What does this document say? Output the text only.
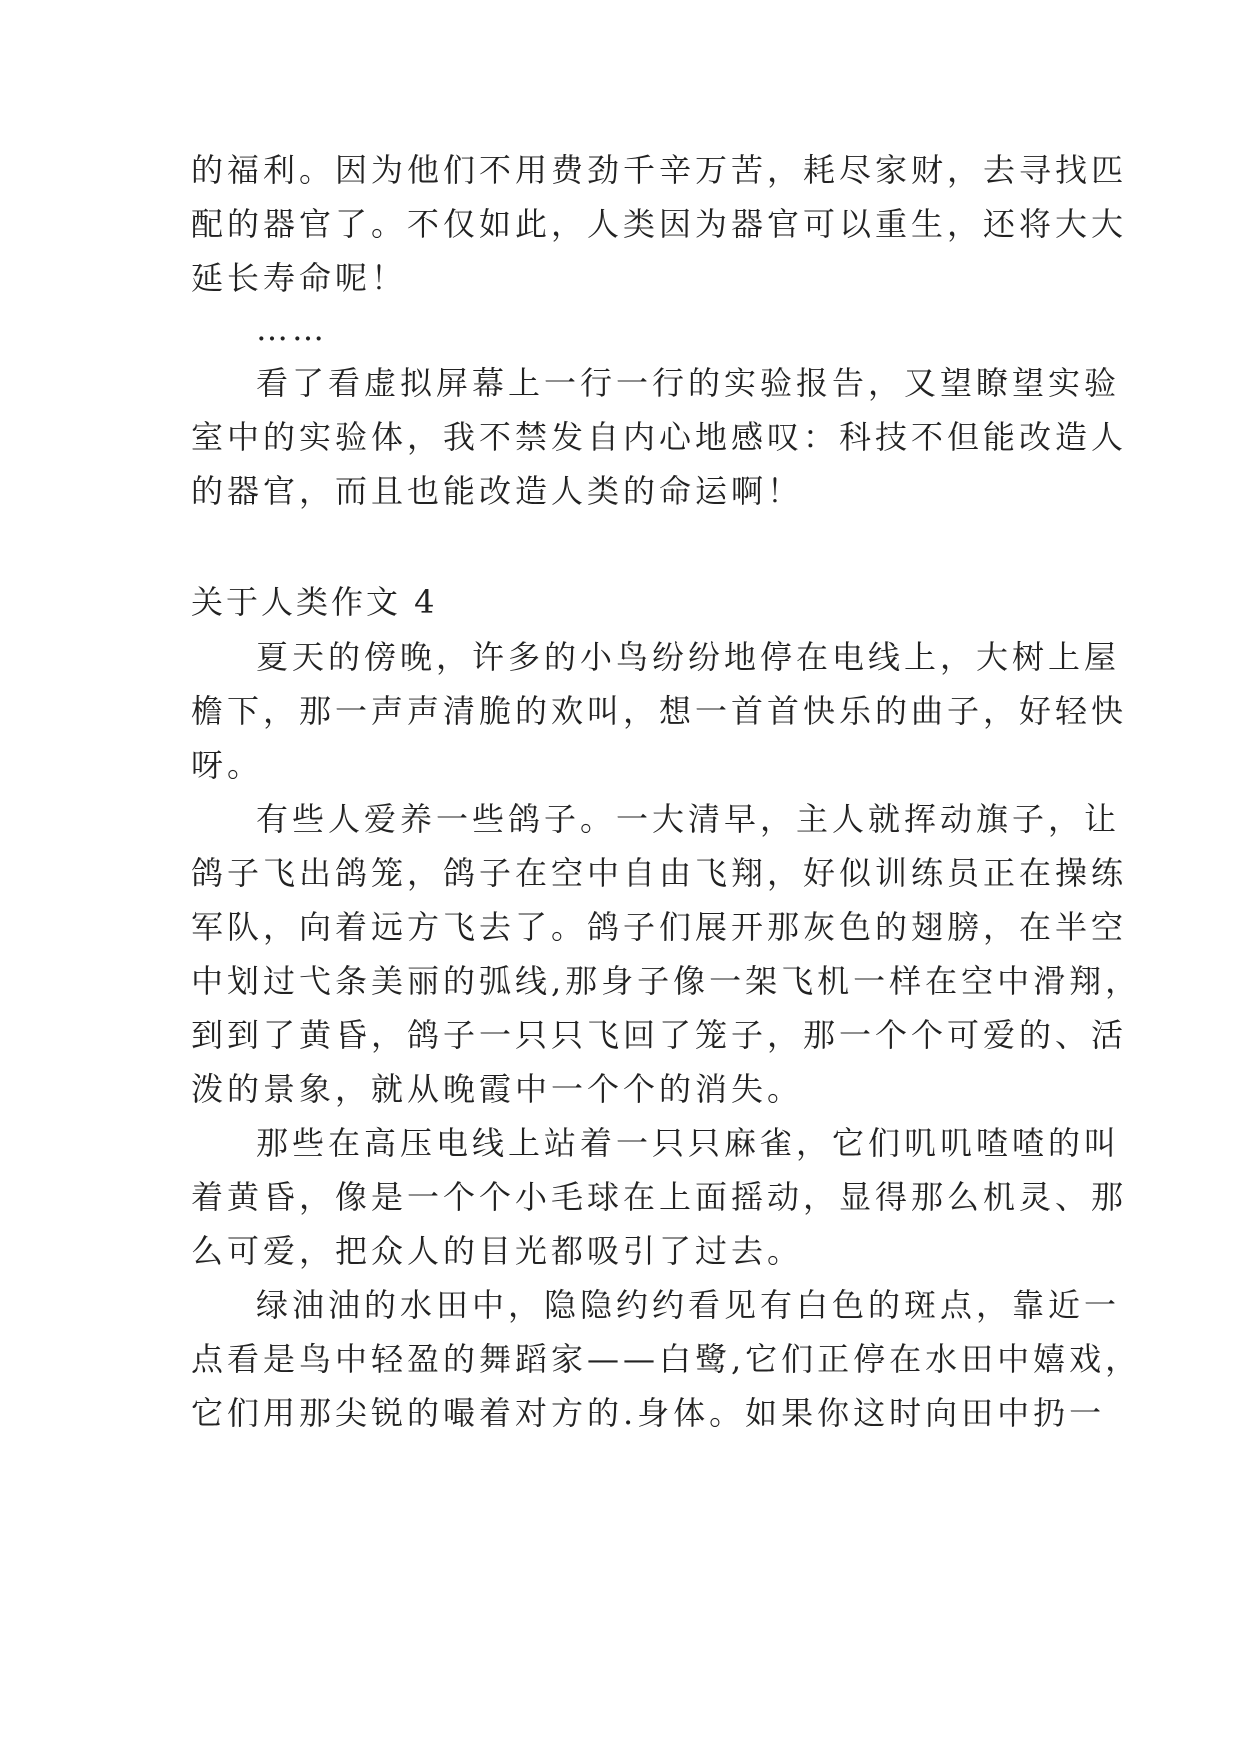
的福利。因为他们不用费劲千辛万苦，耗尽家财，去寻找匹
配的器官了。不仅如此，人类因为器官可以重生，还将大大
延长寿命呢！
……
看了看虚拟屏幕上一行一行的实验报告，又望瞭望实验
室中的实验体，我不禁发自内心地感叹：科技不但能改造人
的器官，而且也能改造人类的命运啊！
关于人类作文 4
夏天的傍晚，许多的小鸟纷纷地停在电线上，大树上屋
檐下，那一声声清脆的欢叫，想一首首快乐的曲子，好轻快
呀。
有些人爱养一些鸽子。一大清早，主人就挥动旗子，让
鸽子飞出鸽笼，鸽子在空中自由飞翔，好似训练员正在操练
军队，向着远方飞去了。鸽子们展开那灰色的翅膀，在半空
中划过弋条美丽的弧线,那身子像一架飞机一样在空中滑翔，
到到了黄昏，鸽子一只只飞回了笼子，那一个个可爱的、活
泼的景象，就从晚霞中一个个的消失。
那些在高压电线上站着一只只麻雀，它们叽叽喳喳的叫
着黄昏，像是一个个小毛球在上面摇动，显得那么机灵、那
么可爱，把众人的目光都吸引了过去。
绿油油的水田中，隐隐约约看见有白色的斑点，靠近一
点看是鸟中轻盈的舞蹈家——白鹭,它们正停在水田中嬉戏，
它们用那尖锐的嘬着对方的.身体。如果你这时向田中扔一
